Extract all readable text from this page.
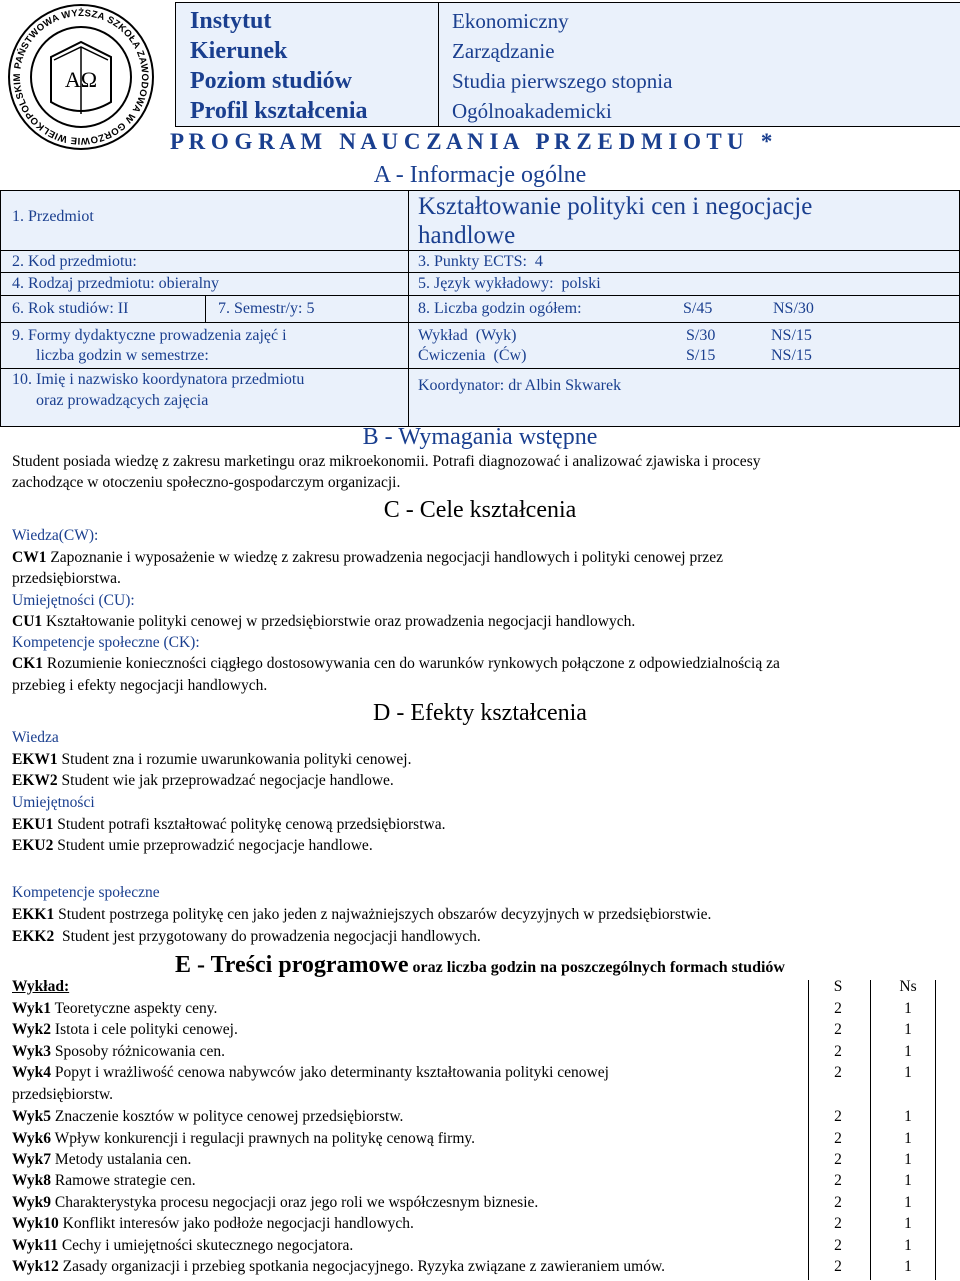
PAŃSTWOWA WYŻSZA SZKOŁA ZAWODOWA W GORZOWIE WIELKOPOLSKIM	AΩ
Instytut	Ekonomiczny
Kierunek	Zarządzanie
Poziom studiów	Studia pierwszego stopnia
Profil kształcenia	Ogólnoakademicki
P R O G R A M   N A U C Z A N I A   P R Z E D M I O T U   *
A - Informacje ogólne
1. Przedmiot	Kształtowanie polityki cen i negocjacje
handlowe
2. Kod przedmiotu:	3. Punkty ECTS:  4
4. Rodzaj przedmiotu: obieralny	5. Język wykładowy:  polski
6. Rok studiów: II	7. Semestr/y: 5	8. Liczba godzin ogółem:	S/45	NS/30
9. Formy dydaktyczne prowadzenia zajęć i
liczba godzin w semestrze:
Wykład  (Wyk)	S/30	NS/15
Ćwiczenia  (Ćw)	S/15	NS/15
10. Imię i nazwisko koordynatora przedmiotu
oraz prowadzących zajęcia
Koordynator: dr Albin Skwarek
B - Wymagania wstępne
Student posiada wiedzę z zakresu marketingu oraz mikroekonomii. Potrafi diagnozować i analizować zjawiska i procesy
zachodzące w otoczeniu społeczno-gospodarczym organizacji.
C - Cele kształcenia
Wiedza(CW):
CW1 Zapoznanie i wyposażenie w wiedzę z zakresu prowadzenia negocjacji handlowych i polityki cenowej przez
przedsiębiorstwa.
Umiejętności (CU):
CU1 Kształtowanie polityki cenowej w przedsiębiorstwie oraz prowadzenia negocjacji handlowych.
Kompetencje społeczne (CK):
CK1 Rozumienie konieczności ciągłego dostosowywania cen do warunków rynkowych połączone z odpowiedzialnością za
przebieg i efekty negocjacji handlowych.
D - Efekty kształcenia
Wiedza
EKW1 Student zna i rozumie uwarunkowania polityki cenowej.
EKW2 Student wie jak przeprowadzać negocjacje handlowe.
Umiejętności
EKU1 Student potrafi kształtować politykę cenową przedsiębiorstwa.
EKU2 Student umie przeprowadzić negocjacje handlowe.
Kompetencje społeczne
EKK1 Student postrzega politykę cen jako jeden z najważniejszych obszarów decyzyjnych w przedsiębiorstwie.
EKK2  Student jest przygotowany do prowadzenia negocjacji handlowych.
E - Treści programowe oraz liczba godzin na poszczególnych formach studiów
Wykład:	S	Ns
Wyk1 Teoretyczne aspekty ceny.	2	1
Wyk2 Istota i cele polityki cenowej.	2	1
Wyk3 Sposoby różnicowania cen.	2	1
Wyk4 Popyt i wrażliwość cenowa nabywców jako determinanty kształtowania polityki cenowej
przedsiębiorstw.
2	1
Wyk5 Znaczenie kosztów w polityce cenowej przedsiębiorstw.	2	1
Wyk6 Wpływ konkurencji i regulacji prawnych na politykę cenową firmy.	2	1
Wyk7 Metody ustalania cen.	2	1
Wyk8 Ramowe strategie cen.	2	1
Wyk9 Charakterystyka procesu negocjacji oraz jego roli we współczesnym biznesie.	2	1
Wyk10 Konflikt interesów jako podłoże negocjacji handlowych.	2	1
Wyk11 Cechy i umiejętności skutecznego negocjatora.	2	1
Wyk12 Zasady organizacji i przebieg spotkania negocjacyjnego. Ryzyka związane z zawieraniem umów.	2	1
